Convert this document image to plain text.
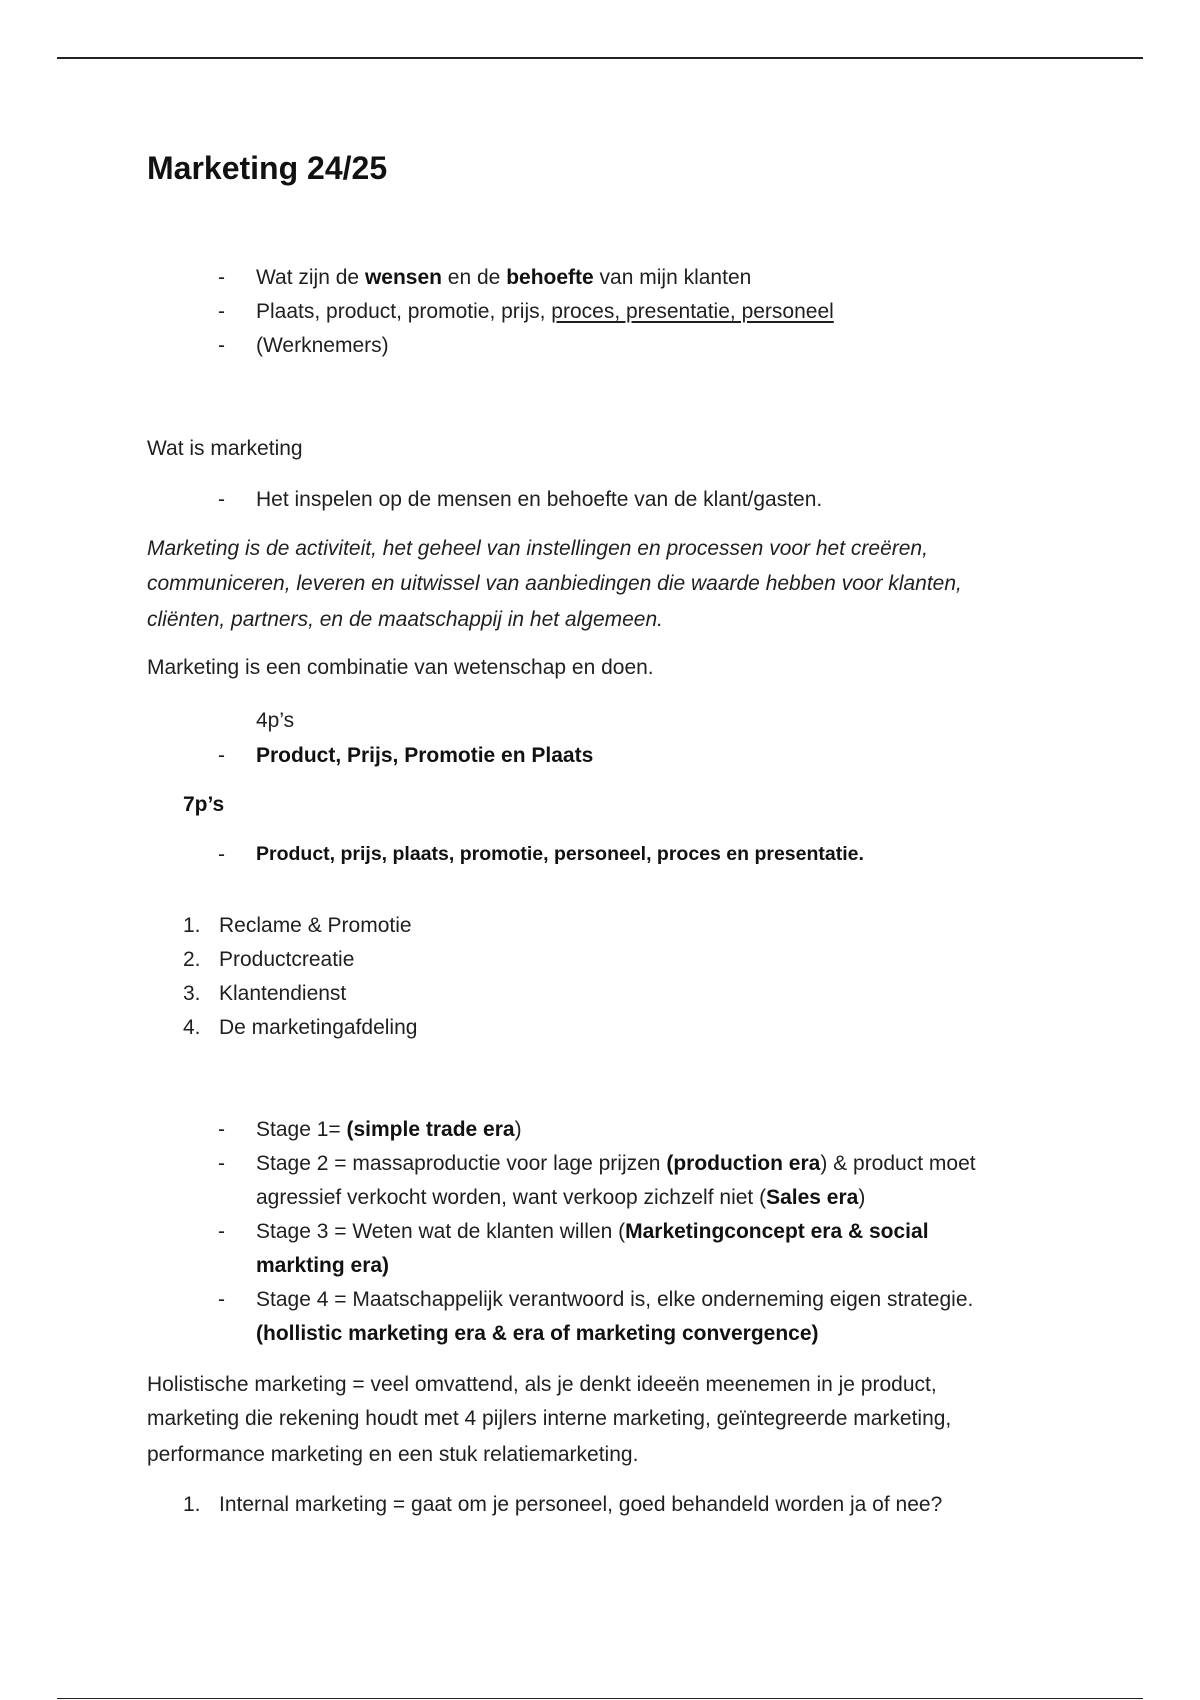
Marketing 24/25
- Wat zijn de wensen en de behoefte van mijn klanten
- Plaats, product, promotie, prijs, proces, presentatie, personeel
- (Werknemers)
Wat is marketing
- Het inspelen op de mensen en behoefte van de klant/gasten.
Marketing is de activiteit, het geheel van instellingen en processen voor het creëren,
communiceren, leveren en uitwissel van aanbiedingen die waarde hebben voor klanten,
cliënten, partners, en de maatschappij in het algemeen.
Marketing is een combinatie van wetenschap en doen.
4p’s
- Product, Prijs, Promotie en Plaats
7p’s
- Product, prijs, plaats, promotie, personeel, proces en presentatie.
1. Reclame & Promotie
2. Productcreatie
3. Klantendienst
4. De marketingafdeling
- Stage 1= (simple trade era)
- Stage 2 = massaproductie voor lage prijzen (production era) & product moet
agressief verkocht worden, want verkoop zichzelf niet (Sales era)
- Stage 3 = Weten wat de klanten willen (Marketingconcept era & social
markting era)
- Stage 4 = Maatschappelijk verantwoord is, elke onderneming eigen strategie.
(hollistic marketing era & era of marketing convergence)
Holistische marketing = veel omvattend, als je denkt ideeën meenemen in je product,
marketing die rekening houdt met 4 pijlers interne marketing, geïntegreerde marketing,
performance marketing en een stuk relatiemarketing.
1. Internal marketing = gaat om je personeel, goed behandeld worden ja of nee?
